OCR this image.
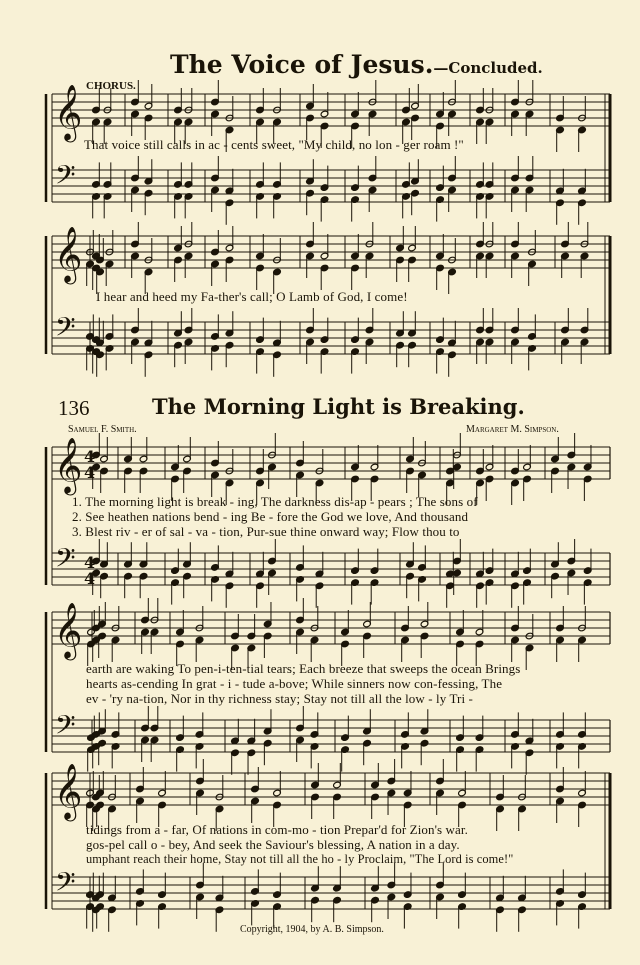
𝄞
𝄢
𝄞
𝄢
𝄞
𝄢
𝄞
𝄢
𝄞
𝄢
4
4
4
4
The Voice of Jesus.—Concluded.
CHORUS.
That voice still calls in ac - cents sweet, "My child, no lon - ger roam !"
I hear and heed my Fa-ther's call; O Lamb of God, I come!
136	The Morning Light is Breaking.
Samuel F. Smith.	Margaret M. Simpson.
1. The morning light is break - ing, The darkness dis-ap - pears ; The sons of
2. See heathen nations bend - ing Be - fore the God we love, And thousand
3. Blest riv - er of sal - va - tion, Pur-sue thine onward way; Flow thou to
earth are waking To pen-i-ten-tial tears; Each breeze that sweeps the ocean Brings
hearts as-cending In grat - i - tude a-bove; While sinners now con-fessing, The
ev - 'ry na-tion, Nor in thy richness stay; Stay not till all the low - ly Tri -
tidings from a - far, Of nations in com-mo - tion Prepar'd for Zion's war.
gos-pel call o - bey, And seek the Saviour's blessing, A nation in a day.
umphant reach their home, Stay not till all the ho - ly Proclaim, "The Lord is come!"
Copyright, 1904, by A. B. Simpson.
